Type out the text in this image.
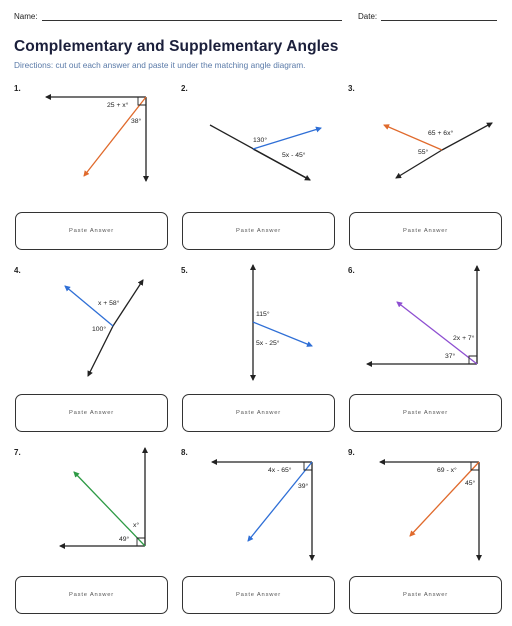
Name:	Date:
Complementary and Supplementary Angles
Directions: cut out each answer and paste it under the matching angle diagram.
1.
25 + x°
38°
2.
130°
5x - 45°
3.
65 + 6x°
55°
Paste Answer	Paste Answer	Paste Answer
4.
x + 58°
100°
5.
115°
5x - 25°
6.
2x + 7°
37°
Paste Answer	Paste Answer	Paste Answer
7.
x°
49°
8.
4x - 65°
39°
9.
69 - x°
45°
Paste Answer	Paste Answer	Paste Answer
